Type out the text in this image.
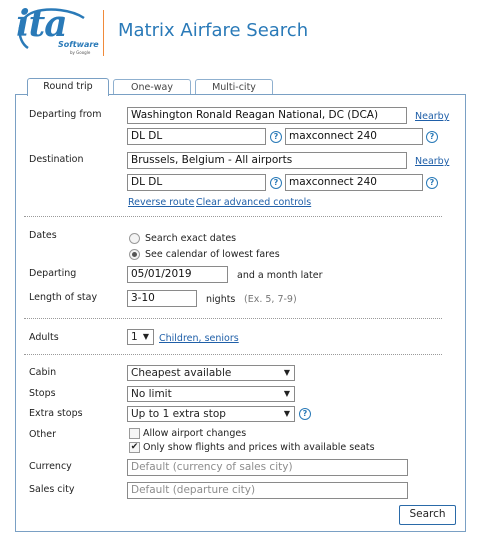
ita
Software
by Google
Matrix Airfare Search
Round trip	One-way	Multi-city
Departing from	Washington Ronald Reagan National, DC (DCA)	Nearby
DL DL	?	maxconnect 240	?
Destination	Brussels, Belgium - All airports	Nearby
DL DL	?	maxconnect 240	?
Reverse route Clear advanced controls
Dates	Search exact dates
See calendar of lowest fares
Departing	05/01/2019	and a month later
Length of stay	3-10	nights (Ex. 5, 7-9)
Adults	1 ▼ Children, seniors
Cabin	Cheapest available	▼
Stops	No limit	▼
Extra stops	Up to 1 extra stop	▼	?
Other	Allow airport changes
✔ Only show flights and prices with available seats
Currency	Default (currency of sales city)
Sales city	Default (departure city)
Search
